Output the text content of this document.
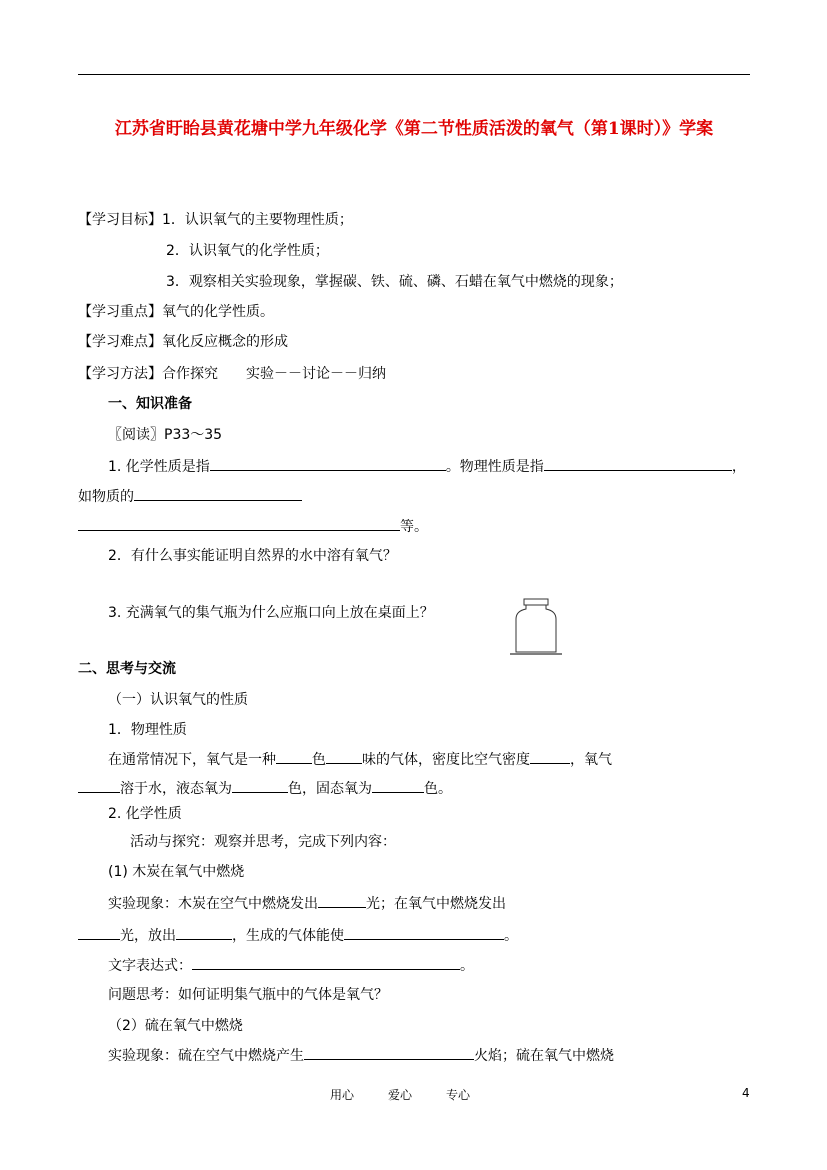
江苏省盱眙县黄花塘中学九年级化学《第二节性质活泼的氧气（第1课时）》学案
【学习目标】1．认识氧气的主要物理性质；
2．认识氧气的化学性质；
3．观察相关实验现象，掌握碳、铁、硫、磷、石蜡在氧气中燃烧的现象；
【学习重点】氧气的化学性质。
【学习难点】氧化反应概念的形成
【学习方法】合作探究　　实验－－讨论－－归纳
一、知识准备
〖阅读〗P33～35
1. 化学性质是指	。物理性质是指	，
如物质的
等。
2．有什么事实能证明自然界的水中溶有氧气？
3. 充满氧气的集气瓶为什么应瓶口向上放在桌面上？
二、思考与交流
（一）认识氧气的性质
1．物理性质
在通常情况下，氧气是一种	色	味的气体，密度比空气密度	，氧气
溶于水，液态氧为	色，固态氧为	色。
2. 化学性质
活动与探究：观察并思考，完成下列内容：
(1) 木炭在氧气中燃烧
实验现象：木炭在空气中燃烧发出	光；在氧气中燃烧发出
光，放出	，生成的气体能使	。
文字表达式：	。
问题思考：如何证明集气瓶中的气体是氧气？
（2）硫在氧气中燃烧
实验现象：硫在空气中燃烧产生	火焰；硫在氧气中燃烧
用心	爱心	专心	4
